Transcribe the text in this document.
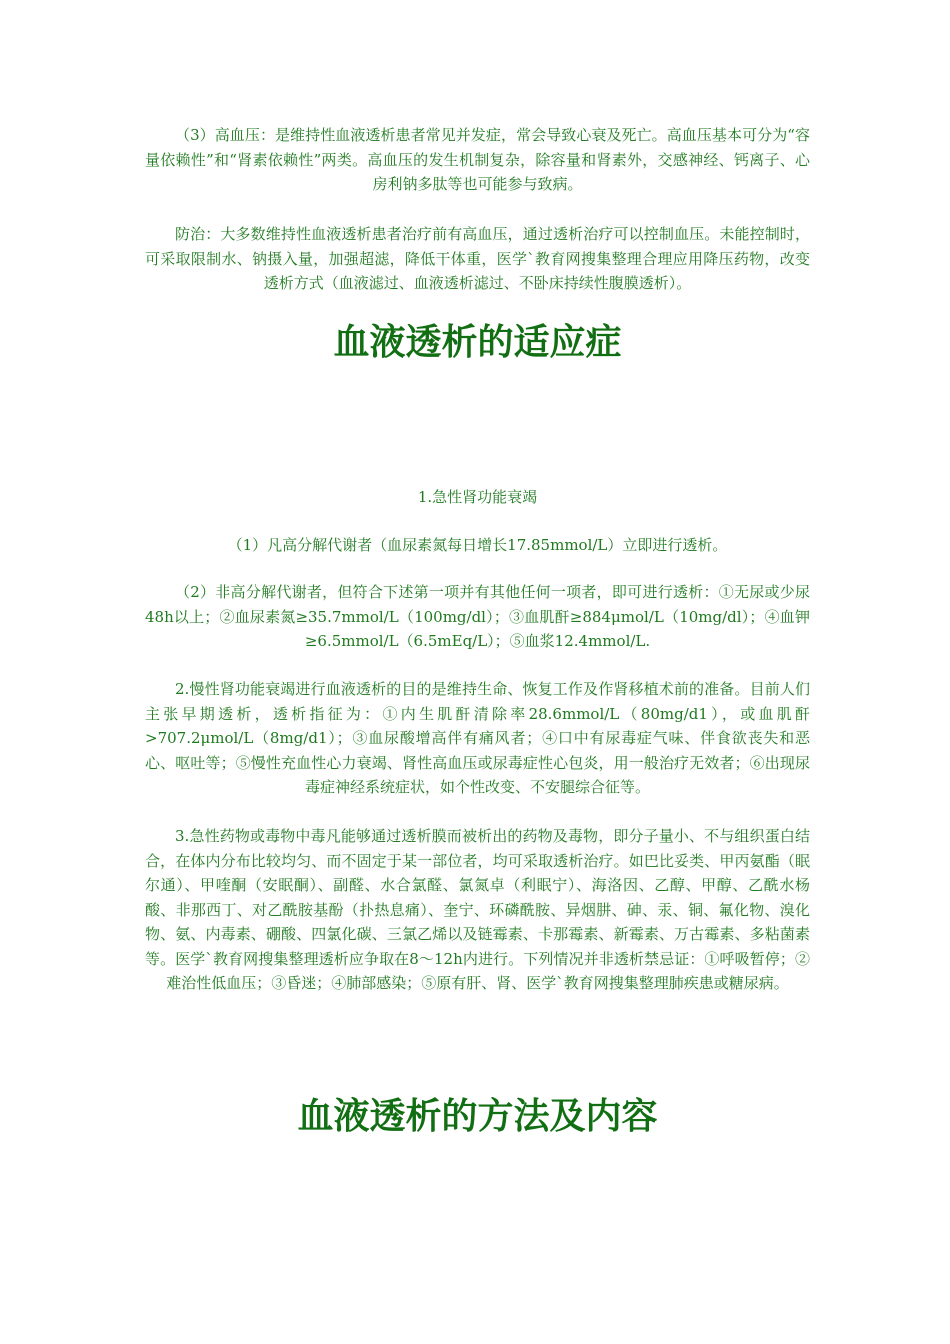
（3）高血压：是维持性血液透析患者常见并发症，常会导致心衰及死亡。高血压基本可分为“容量依赖性”和“肾素依赖性”两类。高血压的发生机制复杂，除容量和肾素外，交感神经、钙离子、心房利钠多肽等也可能参与致病。

防治：大多数维持性血液透析患者治疗前有高血压，通过透析治疗可以控制血压。未能控制时，可采取限制水、钠摄入量，加强超滤，降低干体重，医学`教育网搜集整理合理应用降压药物，改变透析方式（血液滤过、血液透析滤过、不卧床持续性腹膜透析）。

血液透析的适应症

1.急性肾功能衰竭

（1）凡高分解代谢者（血尿素氮每日增长17.85mmol/L）立即进行透析。

（2）非高分解代谢者，但符合下述第一项并有其他任何一项者，即可进行透析：①无尿或少尿48h以上；②血尿素氮≥35.7mmol/L（100mg/dl）；③血肌酐≥884μmol/L（10mg/dl）；④血钾≥6.5mmol/L（6.5mEq/L）；⑤血浆12.4mmol/L.

2.慢性肾功能衰竭进行血液透析的目的是维持生命、恢复工作及作肾移植术前的准备。目前人们主张早期透析，透析指征为：①内生肌酐清除率28.6mmol/L（80mg/d1），或血肌酐>707.2μmol/L（8mg/d1）；③血尿酸增高伴有痛风者；④口中有尿毒症气味、伴食欲丧失和恶心、呕吐等；⑤慢性充血性心力衰竭、肾性高血压或尿毒症性心包炎，用一般治疗无效者；⑥出现尿毒症神经系统症状，如个性改变、不安腿综合征等。

3.急性药物或毒物中毒凡能够通过透析膜而被析出的药物及毒物，即分子量小、不与组织蛋白结合，在体内分布比较均匀、而不固定于某一部位者，均可采取透析治疗。如巴比妥类、甲丙氨酯（眠尔通）、甲喹酮（安眠酮）、副醛、水合氯醛、氯氮卓（利眠宁）、海洛因、乙醇、甲醇、乙酰水杨酸、非那西丁、对乙酰胺基酚（扑热息痛）、奎宁、环磷酰胺、异烟肼、砷、汞、铜、氟化物、溴化物、氨、内毒素、硼酸、四氯化碳、三氯乙烯以及链霉素、卡那霉素、新霉素、万古霉素、多粘菌素等。医学`教育网搜集整理透析应争取在8～12h内进行。下列情况并非透析禁忌证：①呼吸暂停；②难治性低血压；③昏迷；④肺部感染；⑤原有肝、肾、医学`教育网搜集整理肺疾患或糖尿病。

血液透析的方法及内容
